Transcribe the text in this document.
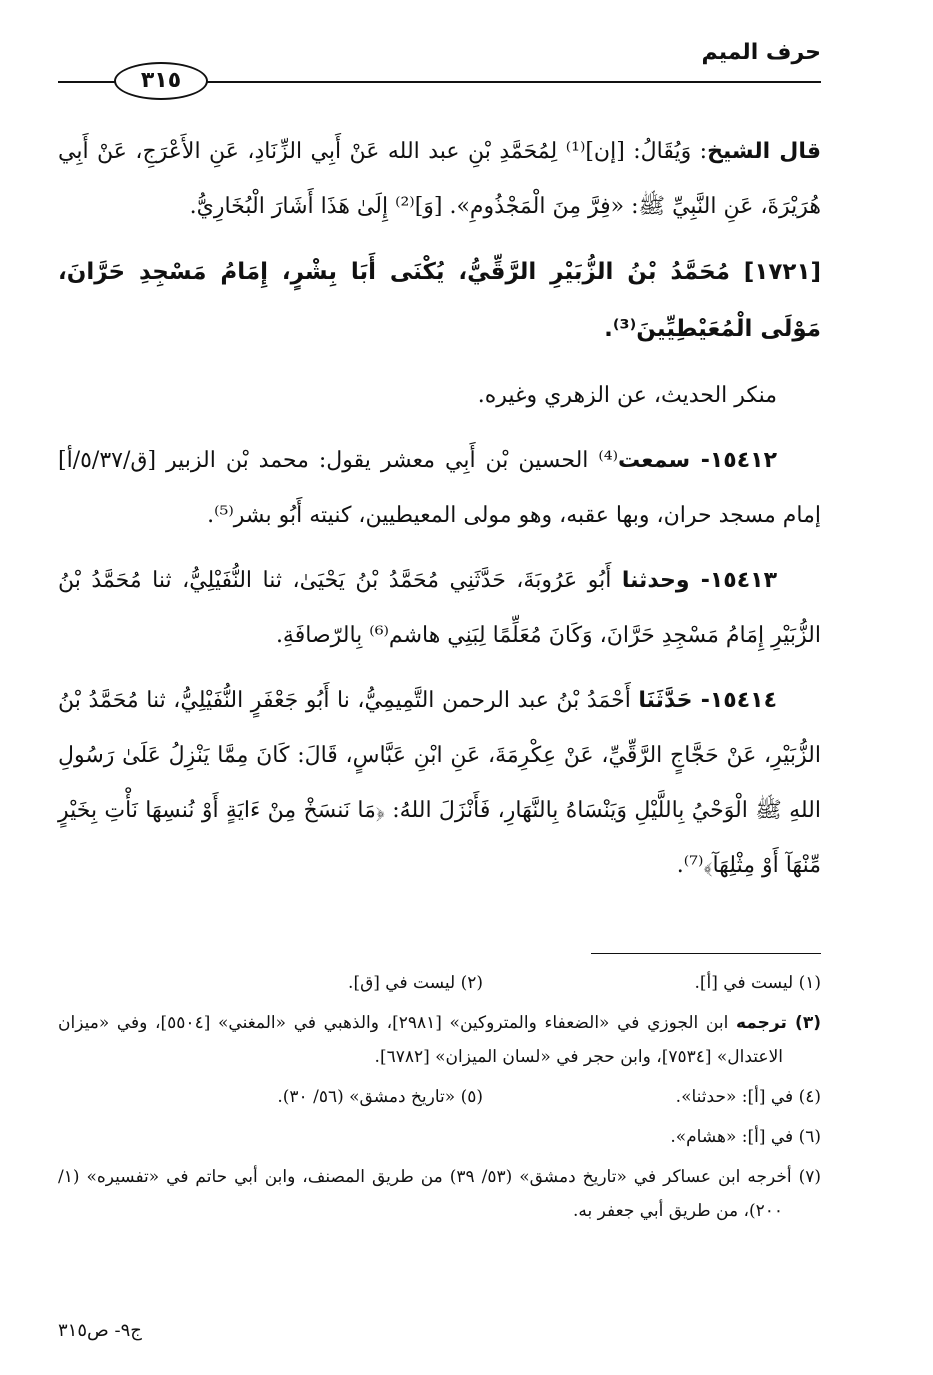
حرف الميم
٣١٥

قال الشيخ: وَيُقَالُ: [إن]⁽¹⁾ لِمُحَمَّدِ بْنِ عبد الله عَنْ أَبِي الزِّنَادِ، عَنِ الأَعْرَجِ، عَنْ أَبِي هُرَيْرَةَ، عَنِ النَّبِيِّ ﷺ: «فِرَّ مِنَ الْمَجْذُومِ». [وَ]⁽²⁾ إِلَىٰ هَذَا أَشَارَ الْبُخَارِيُّ.

[١٧٢١] مُحَمَّدُ بْنُ الزُّبَيْرِ الرَّقِّيُّ، يُكْنَى أَبَا بِشْرٍ، إِمَامُ مَسْجِدِ حَرَّانَ، مَوْلَى الْمُعَيْطِيِّينَ⁽³⁾.

منكر الحديث، عن الزهري وغيره.

١٥٤١٢- سمعت⁽⁴⁾ الحسين بْن أَبِي معشر يقول: محمد بْن الزبير [ق/٥/٣٧/أ] إمام مسجد حران، وبها عقبه، وهو مولى المعيطيين، كنيته أَبُو بشر⁽⁵⁾.

١٥٤١٣- وحدثنا أَبُو عَرُوبَةَ، حَدَّثَنِي مُحَمَّدُ بْنُ يَحْيَىٰ، ثنا النُّفَيْلِيُّ، ثنا مُحَمَّدُ بْنُ الزُّبَيْرِ إِمَامُ مَسْجِدِ حَرَّانَ، وَكَانَ مُعَلِّمًا لِبَنِي هاشم⁽⁶⁾ بِالرّصافَةِ.

١٥٤١٤- حَدَّثَنَا أَحْمَدُ بْنُ عبد الرحمن التَّمِيمِيُّ، نا أَبُو جَعْفَرٍ النُّفَيْلِيُّ، ثنا مُحَمَّدُ بْنُ الزُّبَيْرِ، عَنْ حَجَّاجٍ الرَّقِّيِّ، عَنْ عِكْرِمَةَ، عَنِ ابْنِ عَبَّاسٍ، قَالَ: كَانَ مِمَّا يَنْزِلُ عَلَىٰ رَسُولِ اللهِ ﷺ الْوَحْيُ بِاللَّيْلِ وَيَنْسَاهُ بِالنَّهَارِ، فَأَنْزَلَ اللهُ: ﴿مَا نَنسَخْ مِنْ ءَايَةٍ أَوْ نُنسِهَا نَأْتِ بِخَيْرٍ مِّنْهَآ أَوْ مِثْلِهَآ﴾⁽⁷⁾.

(١) ليست في [أ].

(٢) ليست في [ق].

(٣) ترجمه ابن الجوزي في «الضعفاء والمتروكين» [٢٩٨١]، والذهبي في «المغني» [٥٥٠٤]، وفي «ميزان الاعتدال» [٧٥٣٤]، وابن حجر في «لسان الميزان» [٦٧٨٢].

(٤) في [أ]: «حدثنا».

(٥) «تاريخ دمشق» (٥٦/ ٣٠).

(٦) في [أ]: «هشام».

(٧) أخرجه ابن عساكر في «تاريخ دمشق» (٥٣/ ٣٩) من طريق المصنف، وابن أبي حاتم في «تفسيره» (١/ ٢٠٠)، من طريق أبي جعفر به.

ج٩- ص٣١٥
